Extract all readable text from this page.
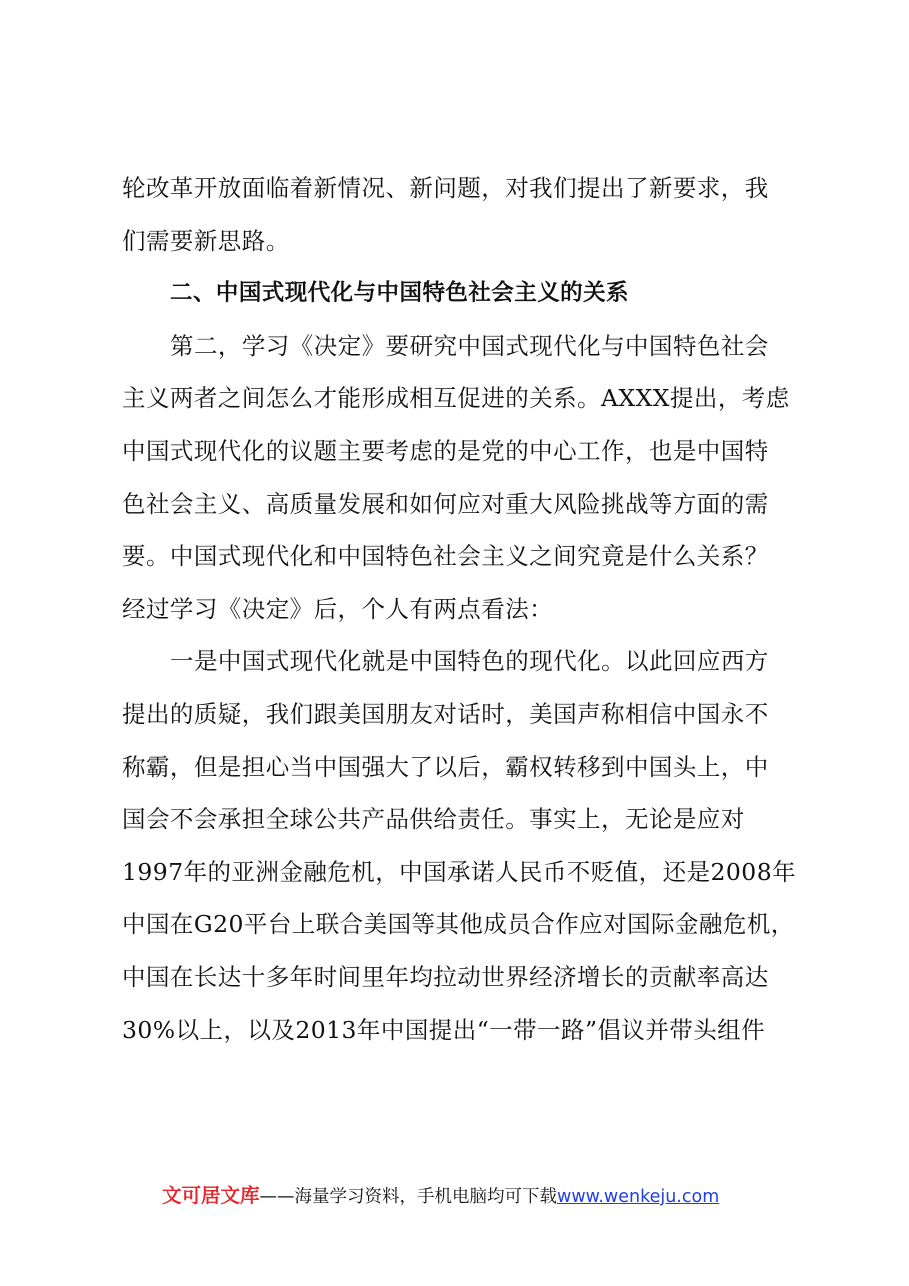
轮改革开放面临着新情况、新问题，对我们提出了新要求，我
们需要新思路。
二、中国式现代化与中国特色社会主义的关系
第二，学习《决定》要研究中国式现代化与中国特色社会
主义两者之间怎么才能形成相互促进的关系。AXXX提出，考虑
中国式现代化的议题主要考虑的是党的中心工作，也是中国特
色社会主义、高质量发展和如何应对重大风险挑战等方面的需
要。中国式现代化和中国特色社会主义之间究竟是什么关系？
经过学习《决定》后，个人有两点看法：
一是中国式现代化就是中国特色的现代化。以此回应西方
提出的质疑，我们跟美国朋友对话时，美国声称相信中国永不
称霸，但是担心当中国强大了以后，霸权转移到中国头上，中
国会不会承担全球公共产品供给责任。事实上，无论是应对
1997年的亚洲金融危机，中国承诺人民币不贬值，还是2008年
中国在G20平台上联合美国等其他成员合作应对国际金融危机，
中国在长达十多年时间里年均拉动世界经济增长的贡献率高达
30%以上，以及2013年中国提出“一带一路”倡议并带头组件
文可居文库——海量学习资料，手机电脑均可下载www.wenkeju.com
